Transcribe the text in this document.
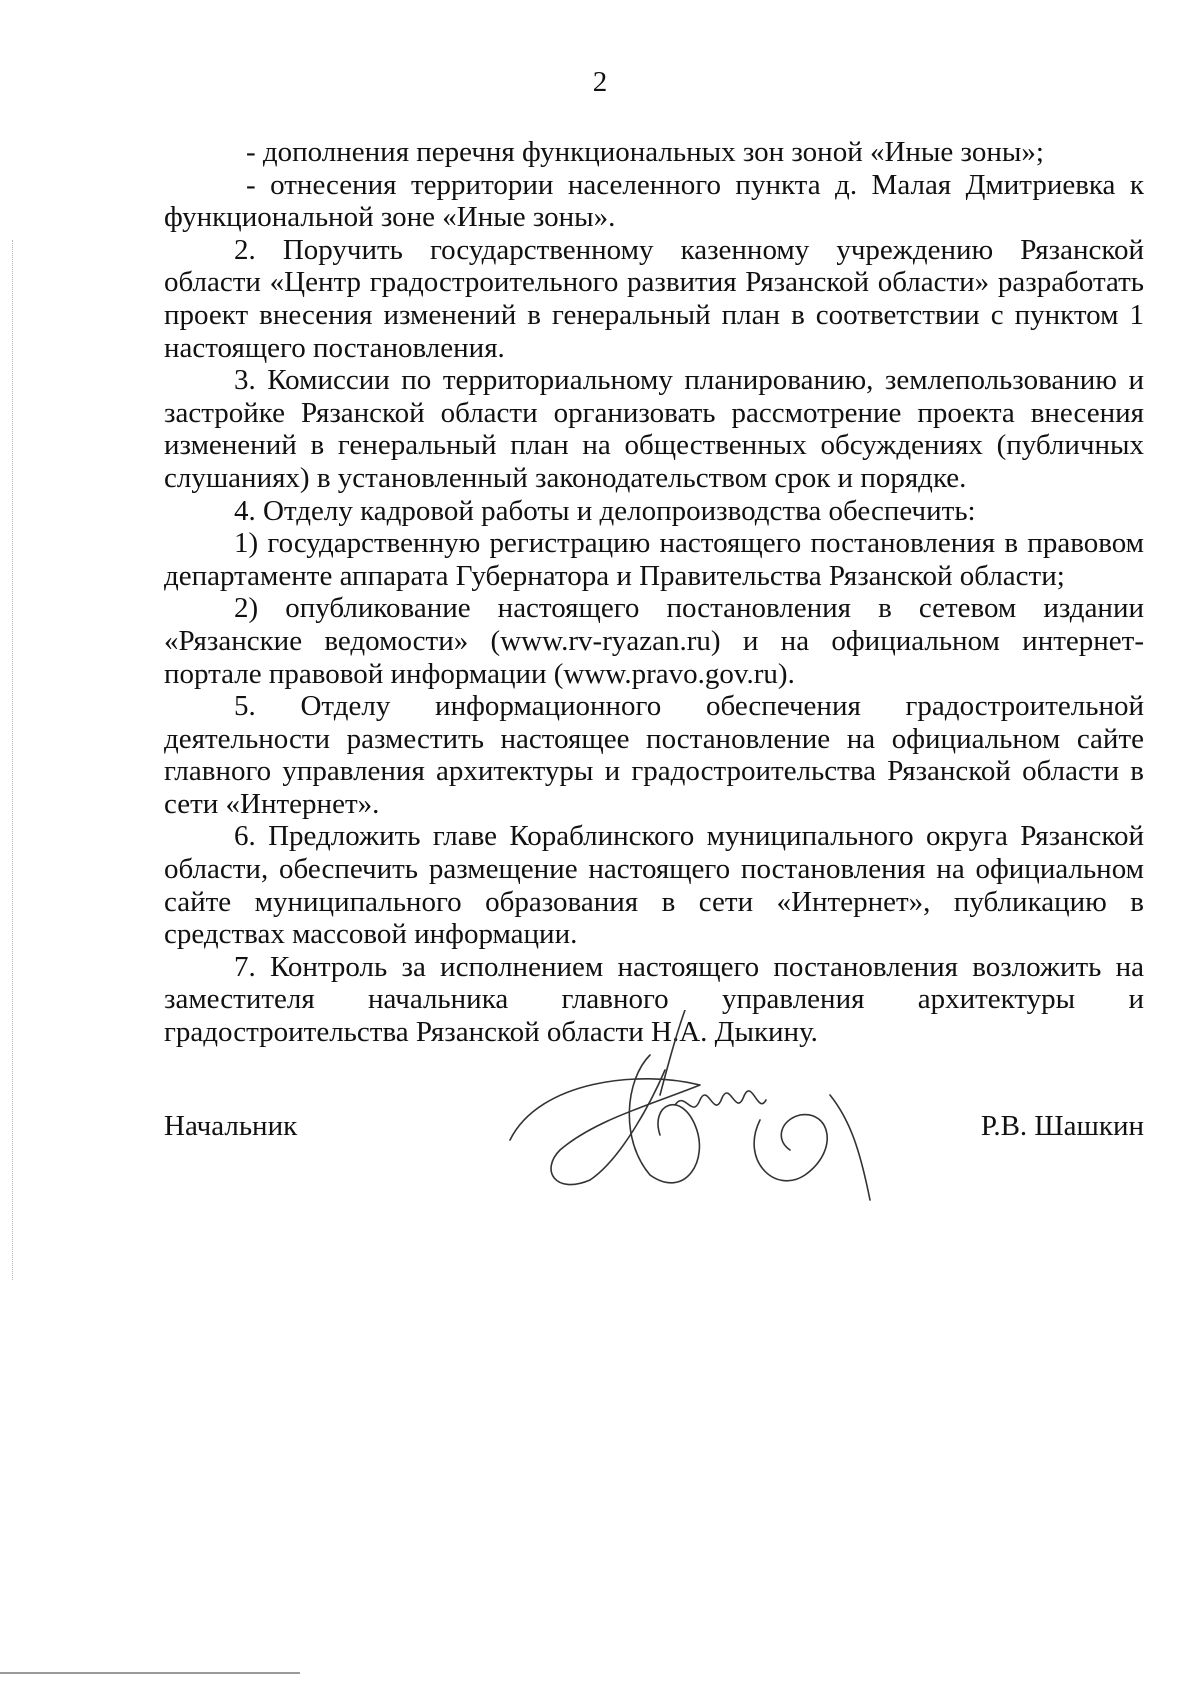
2

- дополнения перечня функциональных зон зоной «Иные зоны»;

- отнесения территории населенного пункта д. Малая Дмитриевка к функциональной зоне «Иные зоны».

2. Поручить государственному казенному учреждению Рязанской области «Центр градостроительного развития Рязанской области» разработать проект внесения изменений в генеральный план в соответствии с пунктом 1 настоящего постановления.

3. Комиссии по территориальному планированию, землепользованию и застройке Рязанской области организовать рассмотрение проекта внесения изменений в генеральный план на общественных обсуждениях (публичных слушаниях) в установленный законодательством срок и порядке.

4. Отделу кадровой работы и делопроизводства обеспечить:

1) государственную регистрацию настоящего постановления в правовом департаменте аппарата Губернатора и Правительства Рязанской области;

2) опубликование настоящего постановления в сетевом издании «Рязанские ведомости» (www.rv-ryazan.ru) и на официальном интернет-портале правовой информации (www.pravo.gov.ru).

5. Отделу информационного обеспечения градостроительной деятельности разместить настоящее постановление на официальном сайте главного управления архитектуры и градостроительства Рязанской области в сети «Интернет».

6. Предложить главе Кораблинского муниципального округа Рязанской области, обеспечить размещение настоящего постановления на официальном сайте муниципального образования в сети «Интернет», публикацию в средствах массовой информации.

7. Контроль за исполнением настоящего постановления возложить на заместителя начальника главного управления архитектуры и градостроительства Рязанской области Н.А. Дыкину.

Начальник	Р.В. Шашкин
